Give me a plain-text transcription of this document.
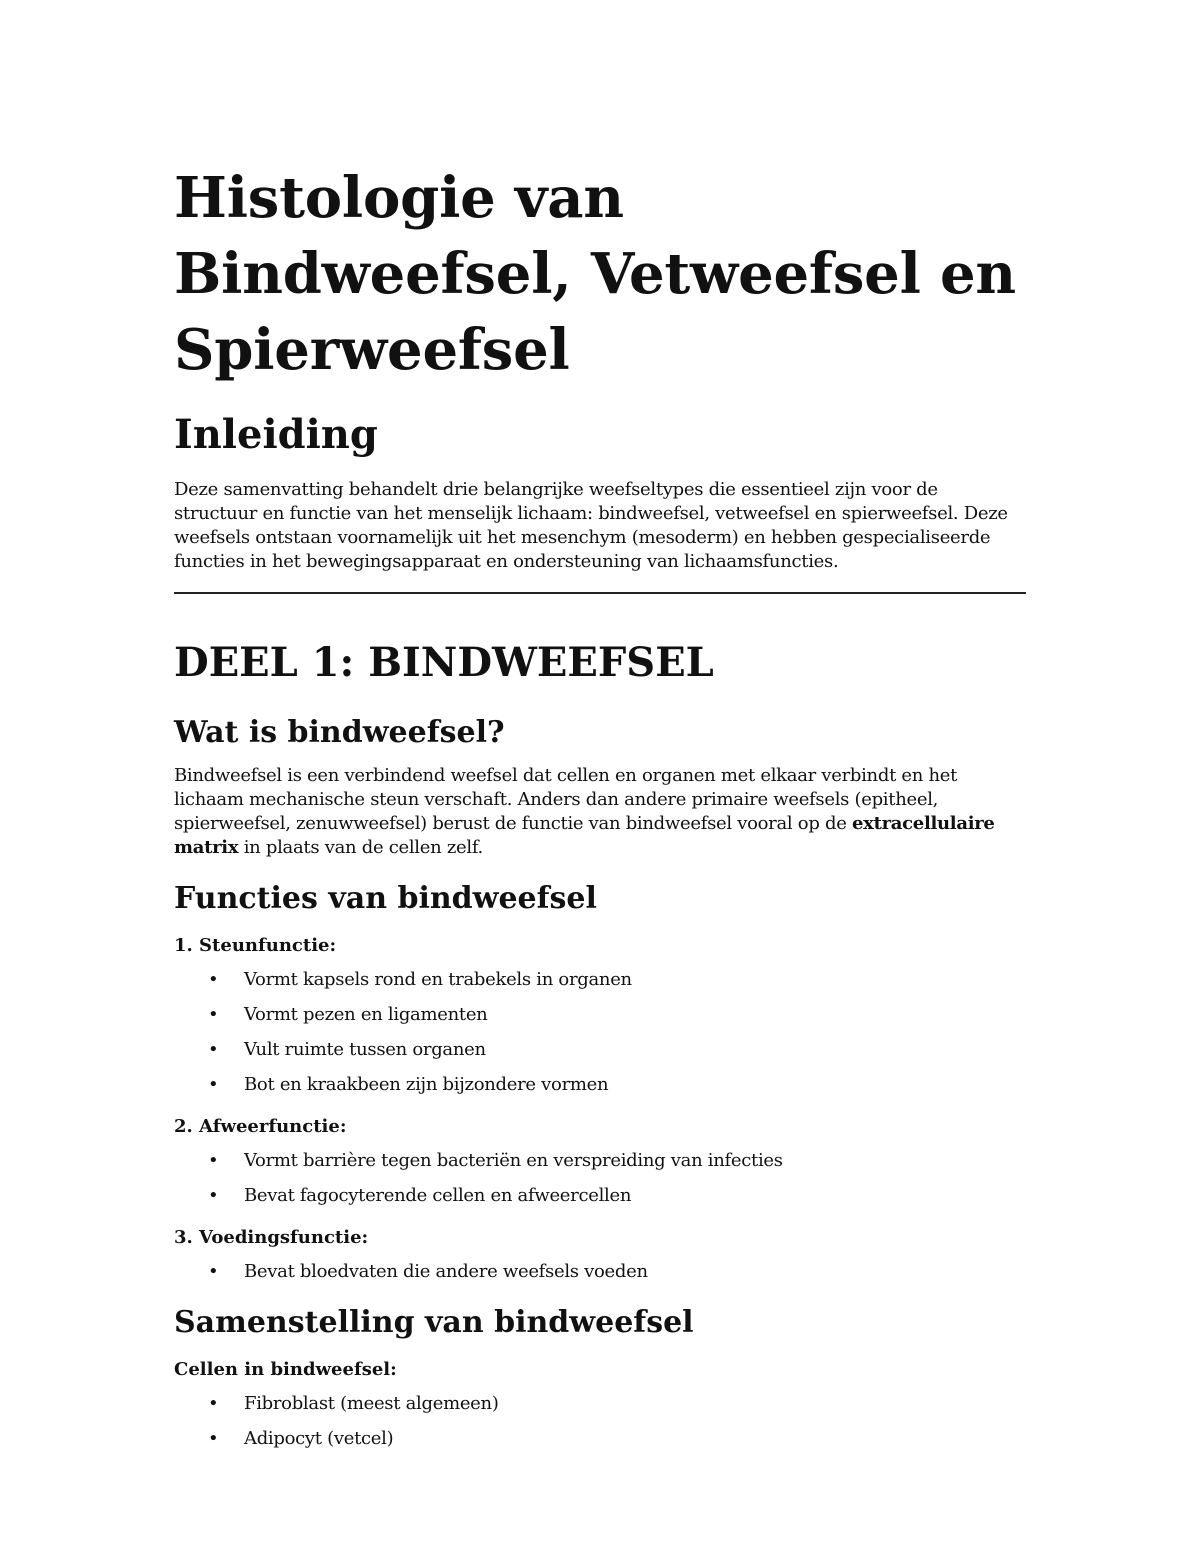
Histologie van Bindweefsel, Vetweefsel en Spierweefsel
Inleiding

Deze samenvatting behandelt drie belangrijke weefseltypes die essentieel zijn voor de structuur en functie van het menselijk lichaam: bindweefsel, vetweefsel en spierweefsel. Deze weefsels ontstaan voornamelijk uit het mesenchym (mesoderm) en hebben gespecialiseerde functies in het bewegingsapparaat en ondersteuning van lichaamsfuncties.

DEEL 1: BINDWEEFSEL
Wat is bindweefsel?

Bindweefsel is een verbindend weefsel dat cellen en organen met elkaar verbindt en het lichaam mechanische steun verschaft. Anders dan andere primaire weefsels (epitheel, spierweefsel, zenuwweefsel) berust de functie van bindweefsel vooral op de extracellulaire matrix in plaats van de cellen zelf.

Functies van bindweefsel
1. Steunfunctie:
• Vormt kapsels rond en trabekels in organen
• Vormt pezen en ligamenten
• Vult ruimte tussen organen
• Bot en kraakbeen zijn bijzondere vormen
2. Afweerfunctie:
• Vormt barrière tegen bacteriën en verspreiding van infecties
• Bevat fagocyterende cellen en afweercellen
3. Voedingsfunctie:
• Bevat bloedvaten die andere weefsels voeden
Samenstelling van bindweefsel
Cellen in bindweefsel:
• Fibroblast (meest algemeen)
• Adipocyt (vetcel)
